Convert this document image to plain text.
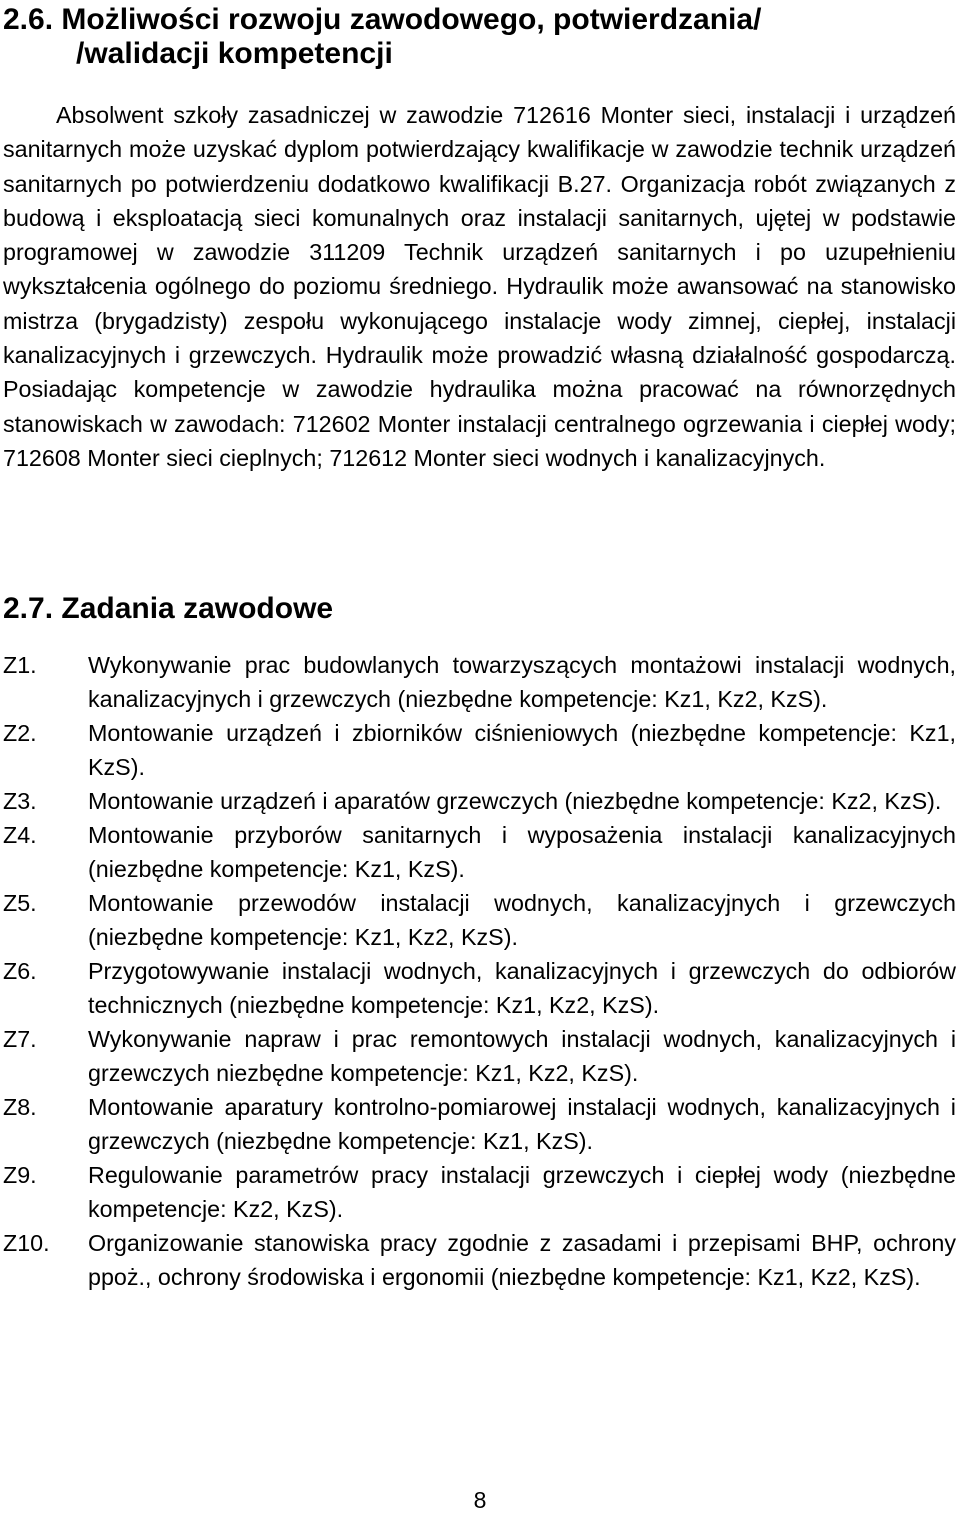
2.6. Możliwości rozwoju zawodowego, potwierdzania/
/walidacji kompetencji

Absolwent szkoły zasadniczej w zawodzie 712616 Monter sieci, instalacji i urządzeń sanitarnych może uzyskać dyplom potwierdzający kwalifikacje w zawodzie technik urządzeń sanitarnych po potwierdzeniu dodatkowo kwalifikacji B.27. Organizacja robót związanych z budową i eksploatacją sieci komunalnych oraz instalacji sanitarnych, ujętej w podstawie programowej w zawodzie 311209 Technik urządzeń sanitarnych i po uzupełnieniu wykształcenia ogólnego do poziomu średniego. Hydraulik może awansować na stanowisko mistrza (brygadzisty) zespołu wykonującego instalacje wody zimnej, ciepłej, instalacji kanalizacyjnych i grzewczych. Hydraulik może prowadzić własną działalność gospodarczą. Posiadając kompetencje w zawodzie hydraulika można pracować na równorzędnych stanowiskach w zawodach: 712602 Monter instalacji centralnego ogrzewania i ciepłej wody; 712608 Monter sieci cieplnych; 712612 Monter sieci wodnych i kanalizacyjnych.

2.7. Zadania zawodowe
Z1. Wykonywanie prac budowlanych towarzyszących montażowi instalacji wodnych, kanalizacyjnych i grzewczych (niezbędne kompetencje: Kz1, Kz2, KzS).
Z2. Montowanie urządzeń i zbiorników ciśnieniowych (niezbędne kompetencje: Kz1, KzS).
Z3. Montowanie urządzeń i aparatów grzewczych (niezbędne kompetencje: Kz2, KzS).
Z4. Montowanie przyborów sanitarnych i wyposażenia instalacji kanalizacyjnych (niezbędne kompetencje: Kz1, KzS).
Z5. Montowanie przewodów instalacji wodnych, kanalizacyjnych i grzewczych (niezbędne kompetencje: Kz1, Kz2, KzS).
Z6. Przygotowywanie instalacji wodnych, kanalizacyjnych i grzewczych do odbiorów technicznych (niezbędne kompetencje: Kz1, Kz2, KzS).
Z7. Wykonywanie napraw i prac remontowych instalacji wodnych, kanalizacyjnych i grzewczych niezbędne kompetencje: Kz1, Kz2, KzS).
Z8. Montowanie aparatury kontrolno-pomiarowej instalacji wodnych, kanalizacyjnych i grzewczych (niezbędne kompetencje: Kz1, KzS).
Z9. Regulowanie parametrów pracy instalacji grzewczych i ciepłej wody (niezbędne kompetencje: Kz2, KzS).
Z10. Organizowanie stanowiska pracy zgodnie z zasadami i przepisami BHP, ochrony ppoż., ochrony środowiska i ergonomii (niezbędne kompetencje: Kz1, Kz2, KzS).
8
